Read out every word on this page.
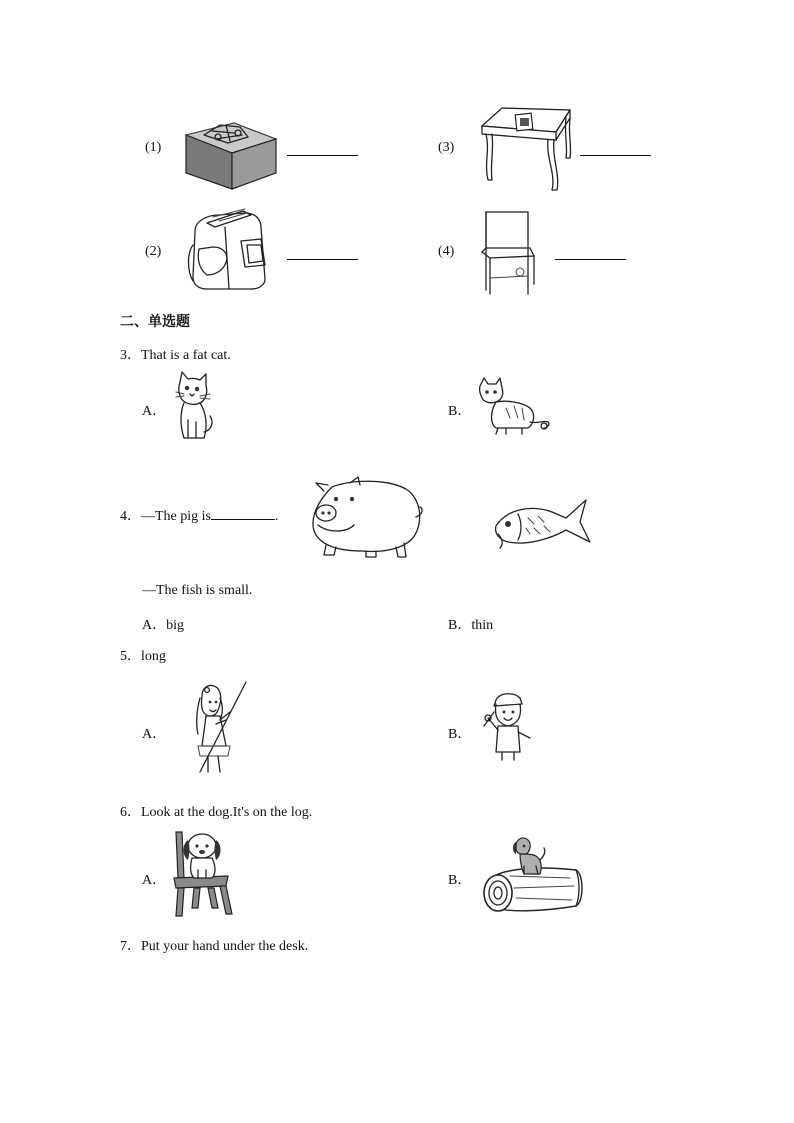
(1)	(3)
(2)	(4)
二、单选题
3．That is a fat cat.
A．	B．
4．—The pig is	.
—The fish is small.
A．big	B．thin
5．long
A．	B．
6．Look at the dog.It's on the log.
A．	B．
7．Put your hand under the desk.
